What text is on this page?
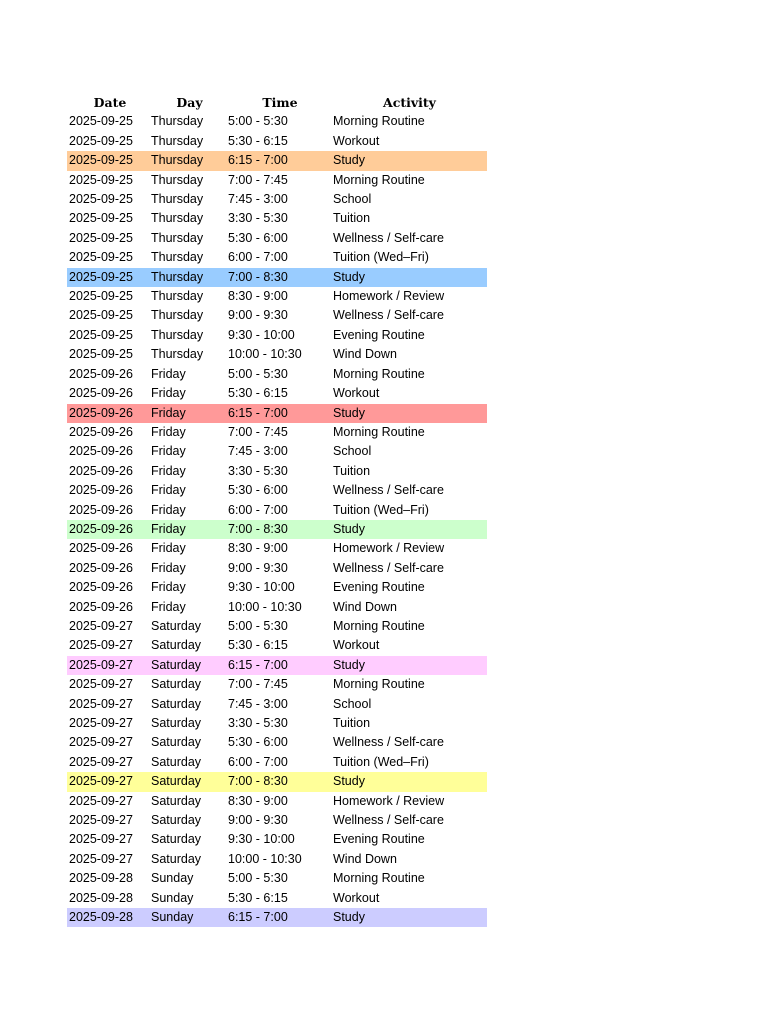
Date	Day	Time	Activity
2025-09-25	Thursday	5:00 - 5:30	Morning Routine
2025-09-25	Thursday	5:30 - 6:15	Workout
2025-09-25	Thursday	6:15 - 7:00	Study
2025-09-25	Thursday	7:00 - 7:45	Morning Routine
2025-09-25	Thursday	7:45 - 3:00	School
2025-09-25	Thursday	3:30 - 5:30	Tuition
2025-09-25	Thursday	5:30 - 6:00	Wellness / Self-care
2025-09-25	Thursday	6:00 - 7:00	Tuition (Wed–Fri)
2025-09-25	Thursday	7:00 - 8:30	Study
2025-09-25	Thursday	8:30 - 9:00	Homework / Review
2025-09-25	Thursday	9:00 - 9:30	Wellness / Self-care
2025-09-25	Thursday	9:30 - 10:00	Evening Routine
2025-09-25	Thursday	10:00 - 10:30	Wind Down
2025-09-26	Friday	5:00 - 5:30	Morning Routine
2025-09-26	Friday	5:30 - 6:15	Workout
2025-09-26	Friday	6:15 - 7:00	Study
2025-09-26	Friday	7:00 - 7:45	Morning Routine
2025-09-26	Friday	7:45 - 3:00	School
2025-09-26	Friday	3:30 - 5:30	Tuition
2025-09-26	Friday	5:30 - 6:00	Wellness / Self-care
2025-09-26	Friday	6:00 - 7:00	Tuition (Wed–Fri)
2025-09-26	Friday	7:00 - 8:30	Study
2025-09-26	Friday	8:30 - 9:00	Homework / Review
2025-09-26	Friday	9:00 - 9:30	Wellness / Self-care
2025-09-26	Friday	9:30 - 10:00	Evening Routine
2025-09-26	Friday	10:00 - 10:30	Wind Down
2025-09-27	Saturday	5:00 - 5:30	Morning Routine
2025-09-27	Saturday	5:30 - 6:15	Workout
2025-09-27	Saturday	6:15 - 7:00	Study
2025-09-27	Saturday	7:00 - 7:45	Morning Routine
2025-09-27	Saturday	7:45 - 3:00	School
2025-09-27	Saturday	3:30 - 5:30	Tuition
2025-09-27	Saturday	5:30 - 6:00	Wellness / Self-care
2025-09-27	Saturday	6:00 - 7:00	Tuition (Wed–Fri)
2025-09-27	Saturday	7:00 - 8:30	Study
2025-09-27	Saturday	8:30 - 9:00	Homework / Review
2025-09-27	Saturday	9:00 - 9:30	Wellness / Self-care
2025-09-27	Saturday	9:30 - 10:00	Evening Routine
2025-09-27	Saturday	10:00 - 10:30	Wind Down
2025-09-28	Sunday	5:00 - 5:30	Morning Routine
2025-09-28	Sunday	5:30 - 6:15	Workout
2025-09-28	Sunday	6:15 - 7:00	Study
